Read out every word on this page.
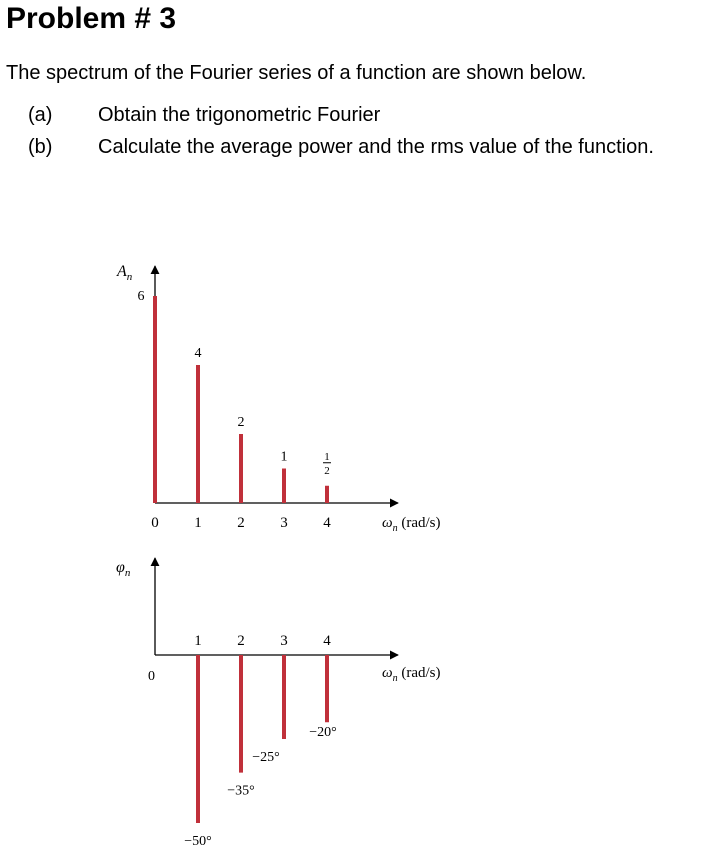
Problem # 3
The spectrum of the Fourier series of a function are shown below.
(a) Obtain the trigonometric Fourier
(b) Calculate the average power and the rms value of the function.
$A_n$
$\omega_n$ (rad/s)
0 1 2 3 4
6
4
2
1	1
2
$\varphi_n$
0	$\omega_n$ (rad/s)
1 2 3 4
−50°
−35°
−25°
−20°
